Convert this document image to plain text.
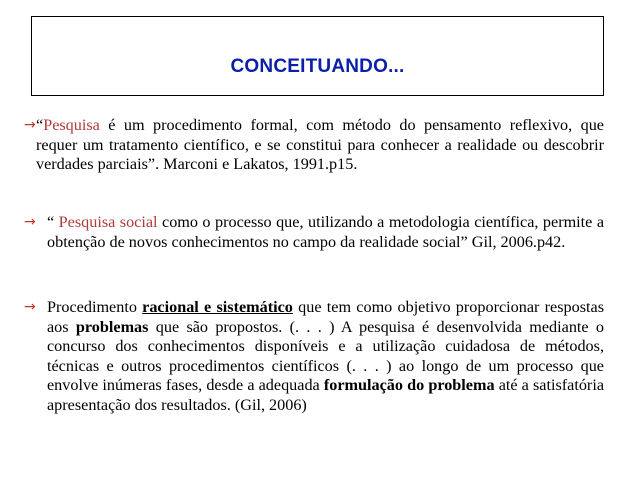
CONCEITUANDO...
→ “Pesquisa é um procedimento formal, com método do pensamento reflexivo, que requer um tratamento científico, e se constitui para conhecer a realidade ou descobrir verdades parciais”. Marconi e Lakatos, 1991.p15.
→ “ Pesquisa social como o processo que, utilizando a metodologia científica, permite a obtenção de novos conhecimentos no campo da realidade social” Gil, 2006.p42.
→ Procedimento racional e sistemático que tem como objetivo proporcionar respostas aos problemas que são propostos. (. . . ) A pesquisa é desenvolvida mediante o concurso dos conhecimentos disponíveis e a utilização cuidadosa de métodos, técnicas e outros procedimentos científicos (. . . ) ao longo de um processo que envolve inúmeras fases, desde a adequada formulação do problema até a satisfatória apresentação dos resultados. (Gil, 2006)
